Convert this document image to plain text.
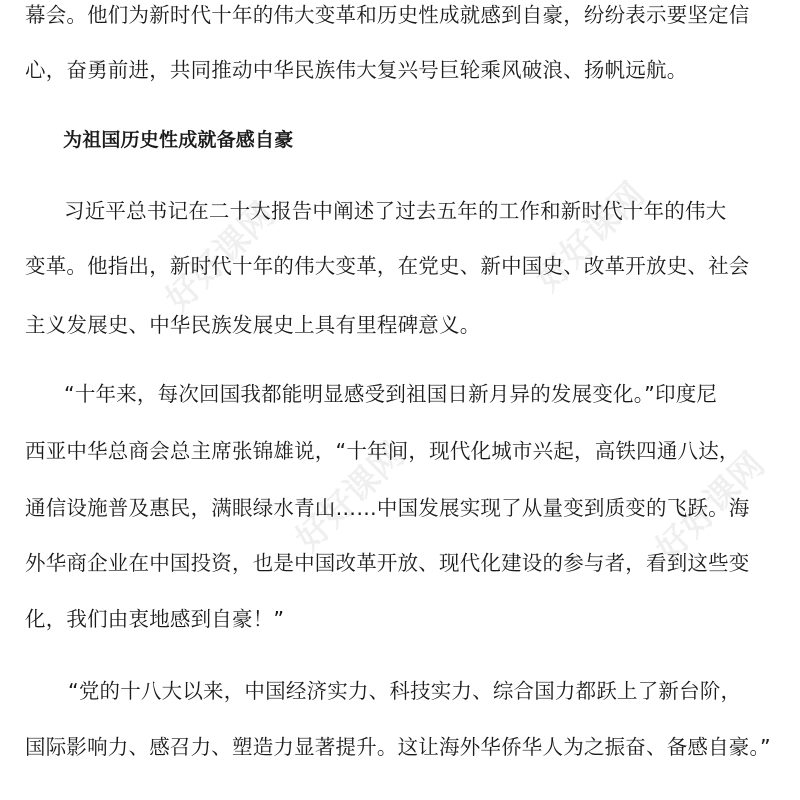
好好课网	好好课网
好好课网	好好课网
幕会。他们为新时代十年的伟大变革和历史性成就感到自豪，纷纷表示要坚定信
心，奋勇前进，共同推动中华民族伟大复兴号巨轮乘风破浪、扬帆远航。
为祖国历史性成就备感自豪
习近平总书记在二十大报告中阐述了过去五年的工作和新时代十年的伟大
变革。他指出，新时代十年的伟大变革，在党史、新中国史、改革开放史、社会
主义发展史、中华民族发展史上具有里程碑意义。
“十年来，每次回国我都能明显感受到祖国日新月异的发展变化。”印度尼
西亚中华总商会总主席张锦雄说，“十年间，现代化城市兴起，高铁四通八达，
通信设施普及惠民，满眼绿水青山……中国发展实现了从量变到质变的飞跃。海
外华商企业在中国投资，也是中国改革开放、现代化建设的参与者，看到这些变
化，我们由衷地感到自豪！”
“党的十八大以来，中国经济实力、科技实力、综合国力都跃上了新台阶，
国际影响力、感召力、塑造力显著提升。这让海外华侨华人为之振奋、备感自豪。”
